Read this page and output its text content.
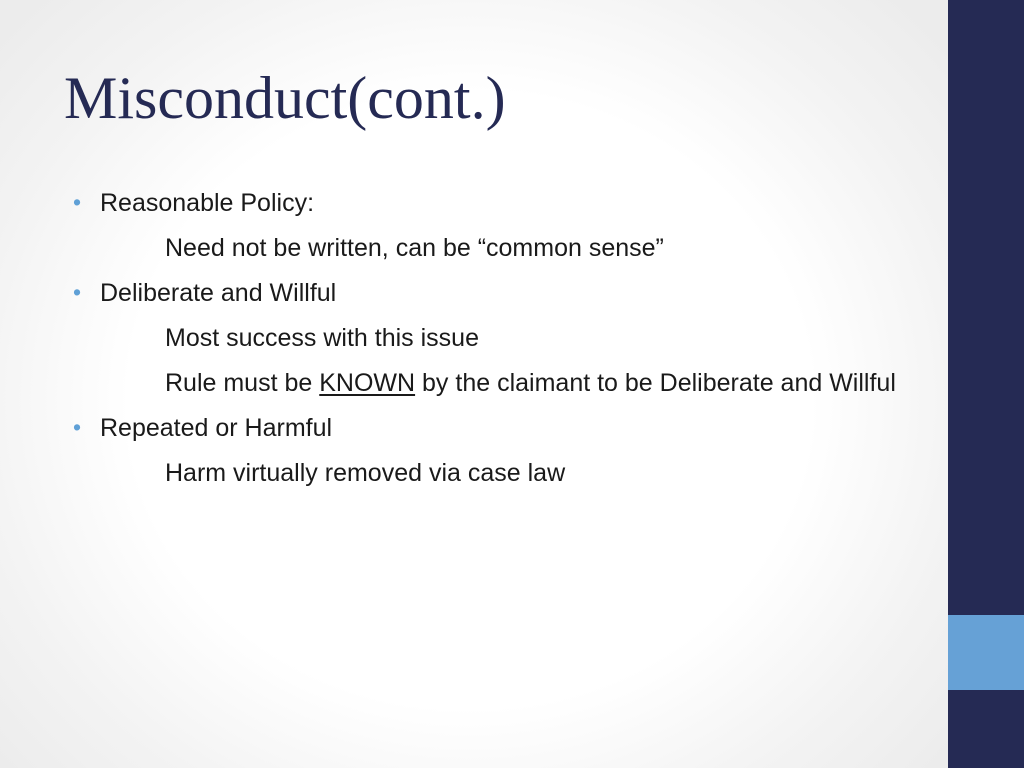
Misconduct(cont.)

• Reasonable Policy:

Need not be written, can be “common sense”

• Deliberate and Willful

Most success with this issue

Rule must be KNOWN by the claimant to be Deliberate and Willful

• Repeated or Harmful

Harm virtually removed via case law
